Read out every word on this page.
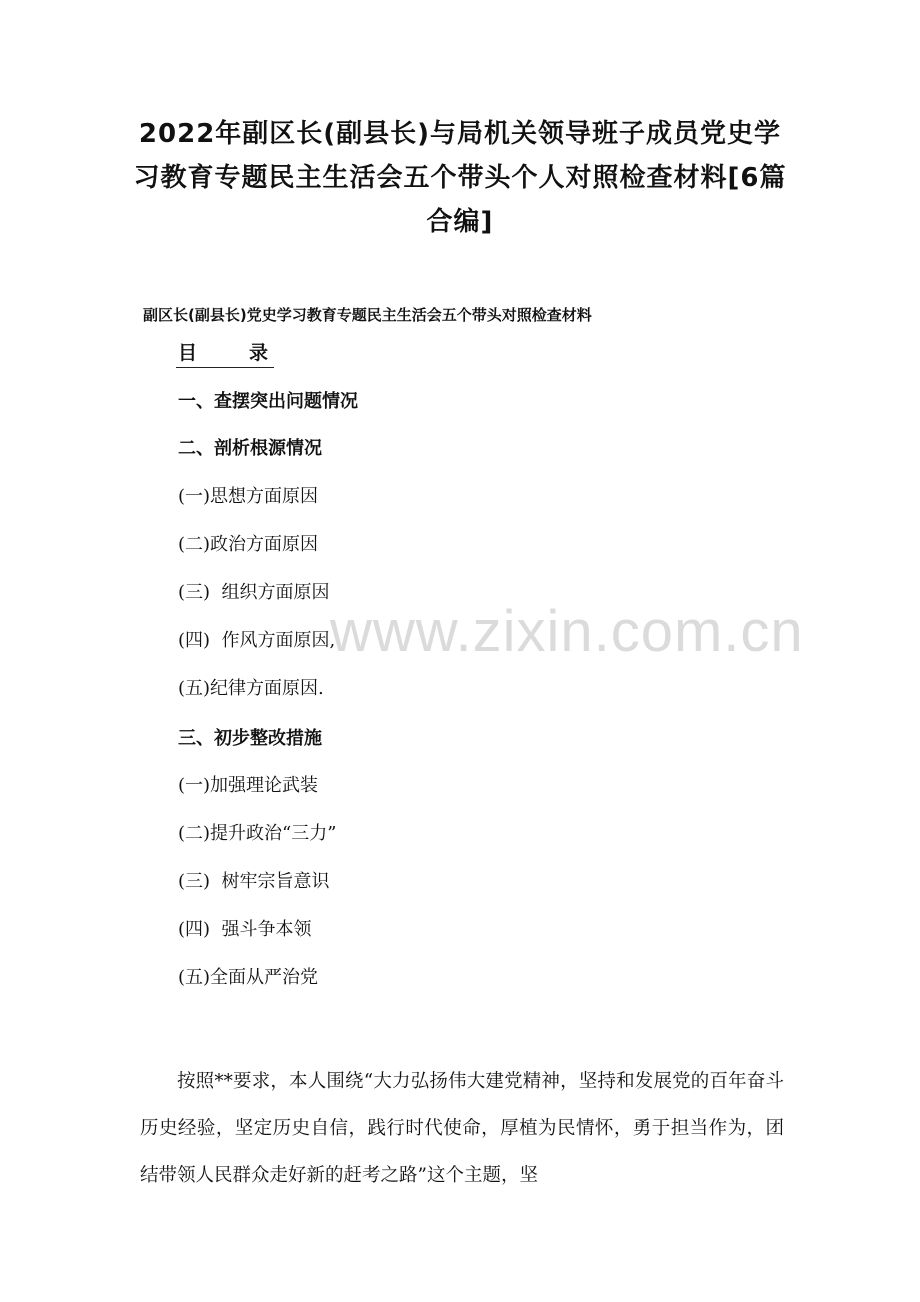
2022年副区长(副县长)与局机关领导班子成员党史学习教育专题民主生活会五个带头个人对照检查材料[6篇合编]

副区长(副县长)党史学习教育专题民主生活会五个带头对照检查材料

目	录

一、查摆突出问题情况

二、剖析根源情况

(一)思想方面原因

(二)政治方面原因

(三)  组织方面原因

(四)  作风方面原因,

(五)纪律方面原因.

三、初步整改措施

(一)加强理论武装

(二)提升政治“三力”

(三)  树牢宗旨意识

(四)  强斗争本领

(五)全面从严治党

www.zixin.com.cn

按照**要求，本人围绕“大力弘扬伟大建党精神，坚持和发展党的百年奋斗历史经验，坚定历史自信，践行时代使命，厚植为民情怀，勇于担当作为，团结带领人民群众走好新的赶考之路”这个主题，坚
